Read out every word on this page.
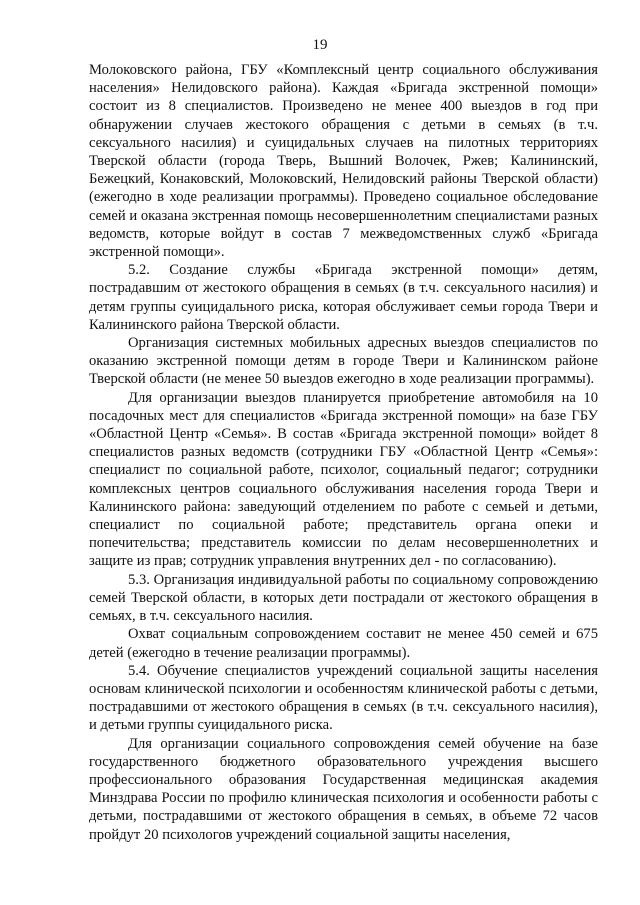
19

Молоковского района, ГБУ «Комплексный центр социального обслуживания населения» Нелидовского района). Каждая «Бригада экстренной помощи» состоит из 8 специалистов. Произведено не менее 400 выездов в год при обнаружении случаев жестокого обращения с детьми в семьях (в т.ч. сексуального насилия) и суицидальных случаев на пилотных территориях Тверской области (города Тверь, Вышний Волочек, Ржев; Калининский, Бежецкий, Конаковский, Молоковский, Нелидовский районы Тверской области) (ежегодно в ходе реализации программы). Проведено социальное обследование семей и оказана экстренная помощь несовершеннолетним специалистами разных ведомств, которые войдут в состав 7 межведомственных служб «Бригада экстренной помощи».

5.2. Создание службы «Бригада экстренной помощи» детям, пострадавшим от жестокого обращения в семьях (в т.ч. сексуального насилия) и детям группы суицидального риска, которая обслуживает семьи города Твери и Калининского района Тверской области.

Организация системных мобильных адресных выездов специалистов по оказанию экстренной помощи детям в городе Твери и Калининском районе Тверской области (не менее 50 выездов ежегодно в ходе реализации программы).

Для организации выездов планируется приобретение автомобиля на 10 посадочных мест для специалистов «Бригада экстренной помощи» на базе ГБУ «Областной Центр «Семья». В состав «Бригада экстренной помощи» войдет 8 специалистов разных ведомств (сотрудники ГБУ «Областной Центр «Семья»: специалист по социальной работе, психолог, социальный педагог; сотрудники комплексных центров социального обслуживания населения города Твери и Калининского района: заведующий отделением по работе с семьей и детьми, специалист по социальной работе; представитель органа опеки и попечительства; представитель комиссии по делам несовершеннолетних и защите из прав; сотрудник управления внутренних дел - по согласованию).

5.3. Организация индивидуальной работы по социальному сопровождению семей Тверской области, в которых дети пострадали от жестокого обращения в семьях, в т.ч. сексуального насилия.

Охват социальным сопровождением составит не менее 450 семей и 675 детей (ежегодно в течение реализации программы).

5.4. Обучение специалистов учреждений социальной защиты населения основам клинической психологии и особенностям клинической работы с детьми, пострадавшими от жестокого обращения в семьях (в т.ч. сексуального насилия), и детьми группы суицидального риска.

Для организации социального сопровождения семей обучение на базе государственного бюджетного образовательного учреждения высшего профессионального образования Государственная медицинская академия Минздрава России по профилю клиническая психология и особенности работы с детьми, пострадавшими от жестокого обращения в семьях, в объеме 72 часов пройдут 20 психологов учреждений социальной защиты населения,
